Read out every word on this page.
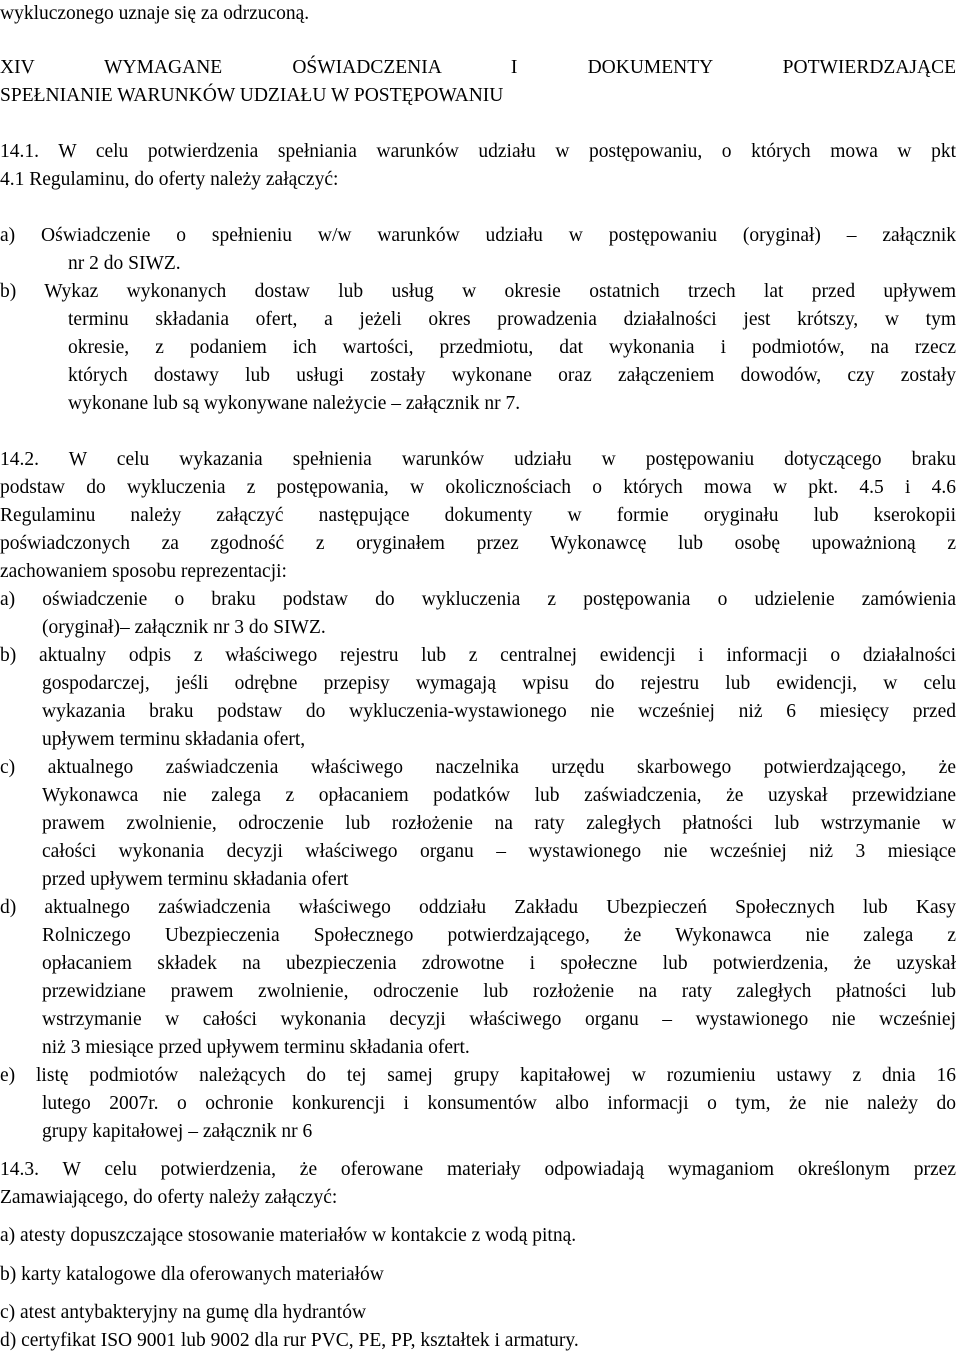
wykluczonego uznaje się za odrzuconą.
XIV WYMAGANE OŚWIADCZENIA I DOKUMENTY POTWIERDZAJĄCE
SPEŁNIANIE WARUNKÓW UDZIAŁU W POSTĘPOWANIU
14.1. W celu potwierdzenia spełniania warunków udziału w postępowaniu, o których mowa w pkt
4.1 Regulaminu, do oferty należy załączyć:
a) Oświadczenie o spełnieniu w/w warunków udziału w postępowaniu (oryginał) – załącznik
nr 2 do SIWZ.
b) Wykaz wykonanych dostaw lub usług w okresie ostatnich trzech lat przed upływem
terminu składania ofert, a jeżeli okres prowadzenia działalności jest krótszy, w tym
okresie, z podaniem ich wartości, przedmiotu, dat wykonania i podmiotów, na rzecz
których dostawy lub usługi zostały wykonane oraz załączeniem dowodów, czy zostały
wykonane lub są wykonywane należycie – załącznik nr 7.
14.2. W celu wykazania spełnienia warunków udziału w postępowaniu dotyczącego braku
podstaw do wykluczenia z postępowania, w okolicznościach o których mowa w pkt. 4.5 i 4.6
Regulaminu należy załączyć następujące dokumenty w formie oryginału lub kserokopii
poświadczonych za zgodność z oryginałem przez Wykonawcę lub osobę upoważnioną z
zachowaniem sposobu reprezentacji:
a) oświadczenie o braku podstaw do wykluczenia z postępowania o udzielenie zamówienia
(oryginał)– załącznik nr 3 do SIWZ.
b) aktualny odpis z właściwego rejestru lub z centralnej ewidencji i informacji o działalności
gospodarczej, jeśli odrębne przepisy wymagają wpisu do rejestru lub ewidencji, w celu
wykazania braku podstaw do wykluczenia-wystawionego nie wcześniej niż 6 miesięcy przed
upływem terminu składania ofert,
c) aktualnego zaświadczenia właściwego naczelnika urzędu skarbowego potwierdzającego, że
Wykonawca nie zalega z opłacaniem podatków lub zaświadczenia, że uzyskał przewidziane
prawem zwolnienie, odroczenie lub rozłożenie na raty zaległych płatności lub wstrzymanie w
całości wykonania decyzji właściwego organu – wystawionego nie wcześniej niż 3 miesiące
przed upływem terminu składania ofert
d) aktualnego zaświadczenia właściwego oddziału Zakładu Ubezpieczeń Społecznych lub Kasy
Rolniczego Ubezpieczenia Społecznego potwierdzającego, że Wykonawca nie zalega z
opłacaniem składek na ubezpieczenia zdrowotne i społeczne lub potwierdzenia, że uzyskał
przewidziane prawem zwolnienie, odroczenie lub rozłożenie na raty zaległych płatności lub
wstrzymanie w całości wykonania decyzji właściwego organu – wystawionego nie wcześniej
niż 3 miesiące przed upływem terminu składania ofert.
e) listę podmiotów należących do tej samej grupy kapitałowej w rozumieniu ustawy z dnia 16
lutego 2007r. o ochronie konkurencji i konsumentów albo informacji o tym, że nie należy do
grupy kapitałowej – załącznik nr 6
14.3. W celu potwierdzenia, że oferowane materiały odpowiadają wymaganiom określonym przez
Zamawiającego, do oferty należy załączyć:
a) atesty dopuszczające stosowanie materiałów w kontakcie z wodą pitną.
b) karty katalogowe dla oferowanych materiałów
c) atest antybakteryjny na gumę dla hydrantów
d) certyfikat ISO 9001 lub 9002 dla rur PVC, PE, PP, kształtek i armatury.
